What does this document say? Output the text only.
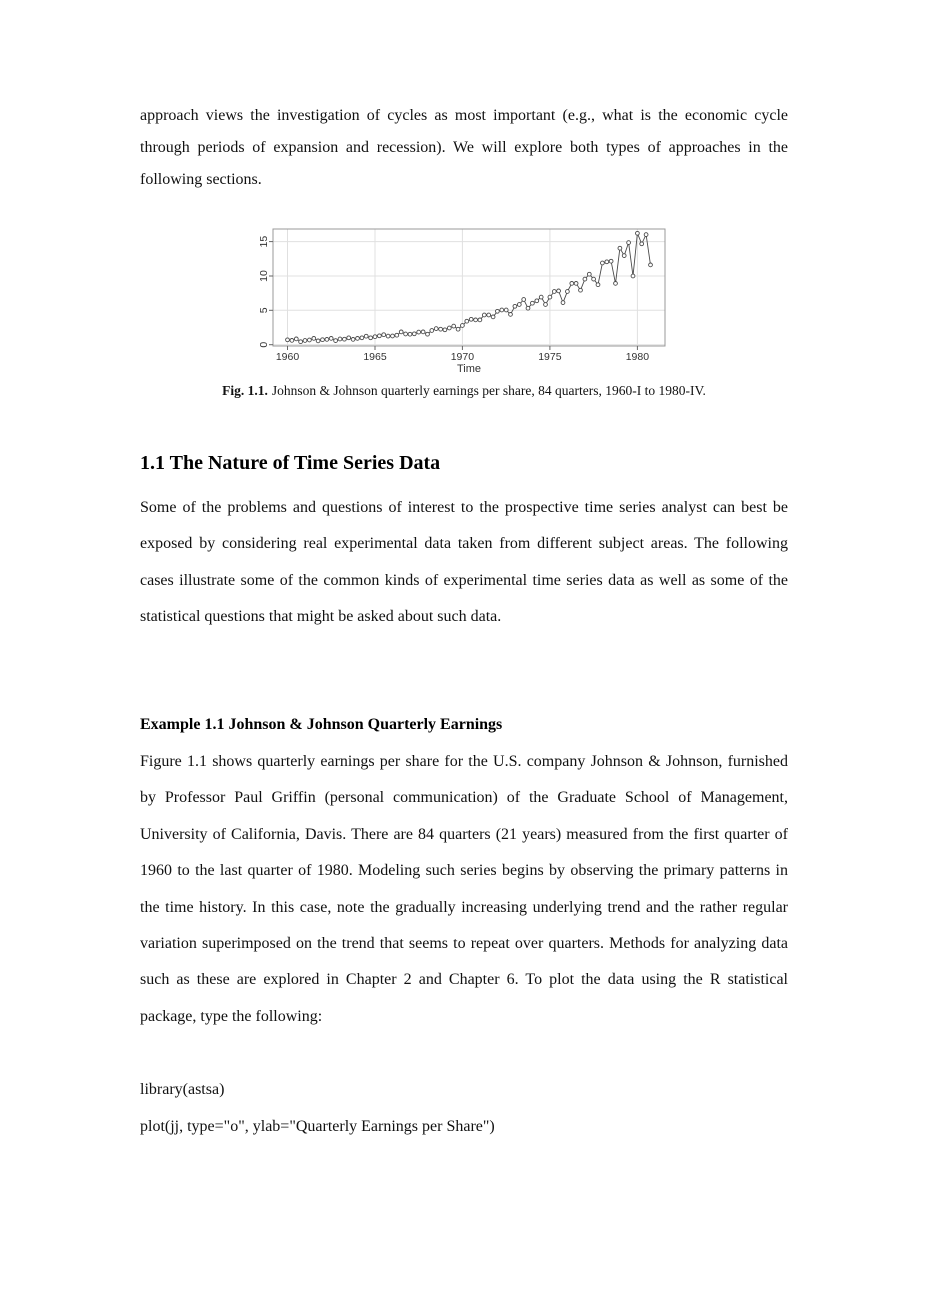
approach views the investigation of cycles as most important (e.g., what is the economic cycle through periods of expansion and recession). We will explore both types of approaches in the following sections.

1960	1965	1970	1975	1980
0
5
10
15
Time

Fig. 1.1. Johnson & Johnson quarterly earnings per share, 84 quarters, 1960-I to 1980-IV.

1.1 The Nature of Time Series Data

Some of the problems and questions of interest to the prospective time series analyst can best be exposed by considering real experimental data taken from different subject areas. The following cases illustrate some of the common kinds of experimental time series data as well as some of the statistical questions that might be asked about such data.

Example 1.1 Johnson & Johnson Quarterly Earnings

Figure 1.1 shows quarterly earnings per share for the U.S. company Johnson & Johnson, furnished by Professor Paul Griffin (personal communication) of the Graduate School of Management, University of California, Davis. There are 84 quarters (21 years) measured from the first quarter of 1960 to the last quarter of 1980. Modeling such series begins by observing the primary patterns in the time history. In this case, note the gradually increasing underlying trend and the rather regular variation superimposed on the trend that seems to repeat over quarters. Methods for analyzing data such as these are explored in Chapter 2 and Chapter 6. To plot the data using the R statistical package, type the following:

library(astsa)
plot(jj, type="o", ylab="Quarterly Earnings per Share")
